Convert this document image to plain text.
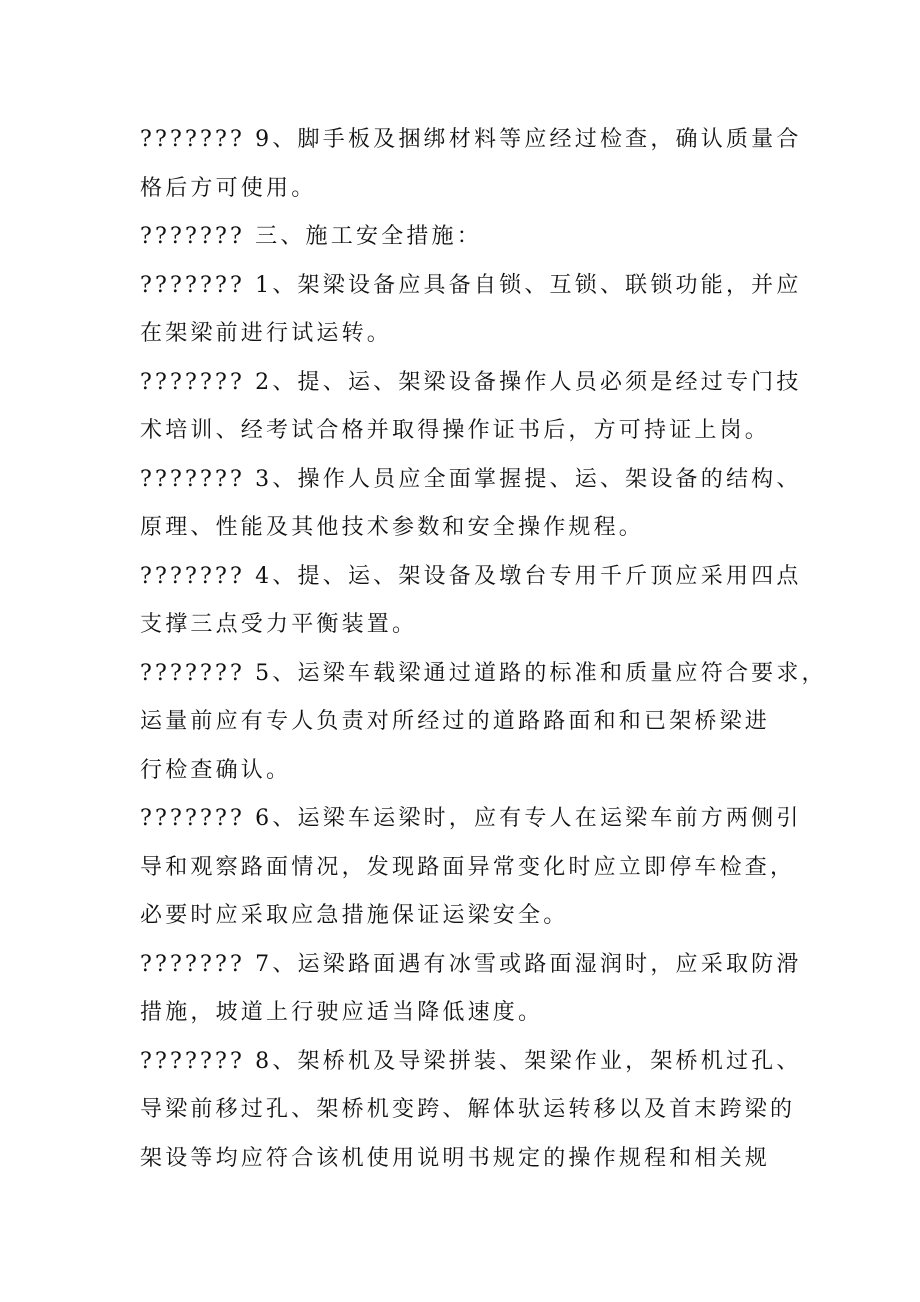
??????? 9、脚手板及捆绑材料等应经过检查，确认质量合
格后方可使用。
??????? 三、施工安全措施：
??????? 1、架梁设备应具备自锁、互锁、联锁功能，并应
在架梁前进行试运转。
??????? 2、提、运、架梁设备操作人员必须是经过专门技
术培训、经考试合格并取得操作证书后，方可持证上岗。
??????? 3、操作人员应全面掌握提、运、架设备的结构、
原理、性能及其他技术参数和安全操作规程。
??????? 4、提、运、架设备及墩台专用千斤顶应采用四点
支撑三点受力平衡装置。
??????? 5、运梁车载梁通过道路的标准和质量应符合要求，
运量前应有专人负责对所经过的道路路面和和已架桥梁进
行检查确认。
??????? 6、运梁车运梁时，应有专人在运梁车前方两侧引
导和观察路面情况，发现路面异常变化时应立即停车检查，
必要时应采取应急措施保证运梁安全。
??????? 7、运梁路面遇有冰雪或路面湿润时，应采取防滑
措施，坡道上行驶应适当降低速度。
??????? 8、架桥机及导梁拼装、架梁作业，架桥机过孔、
导梁前移过孔、架桥机变跨、解体驮运转移以及首末跨梁的
架设等均应符合该机使用说明书规定的操作规程和相关规
